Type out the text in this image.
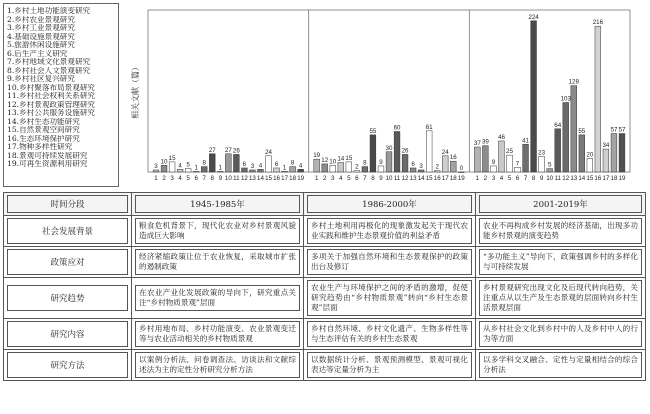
1.乡村土地功能演变研究
2.乡村农业景观研究
3.乡村工业景观研究
4.基础设施景观研究
5.旅游休闲设施研究
6.后生产主义研究
7.乡村地域文化景观研究
8.乡村社会人文景观研究
9.乡村社区复兴研究
10.乡村聚落布局景观研究
11.乡村社会权利关系研究
12.乡村景观政策管理研究
13.乡村公共服务设施研究
14.乡村生态功能研究
15.自然景观空间研究
16.生态环境保护研究
17.物种多样性研究
18.景观可持续发展研究
19.可再生资源利用研究
相关文献（篇）
3
1
10
2
15
3
4
4
5
5
1
6
8
7
27
8
1
9
27
10
26
11
6
12
3
13
4
14
24
15
6
16
1
17
8
18
4
19
19
1
12
2
10
3
14
4
15
5
2
6
8
7
55
8
9
9
30
10
60
11
26
12
6
13
3
14
61
15
2
16
24
17
16
18
0
19
37
1
39
2
9
3
46
4
25
5
7
6
41
7
224
8
23
9
5
10
64
11
103
12
128
13
55
14
20
15
216
16
34
17
57
18
57
19
时间分段	1945-1985年	1986-2000年	2001-2019年

社会发展背景	粮食危机背景下，现代化农业对乡村景观风貌造成巨大影响	乡村土地利用再极化的现象激发起关于现代农业实践和维护生态景观价值的利益矛盾	农业不再构成乡村发展的经济基础，出现多功能乡村景观的演变趋势

政策应对	经济紧缩政策让位于农业恢复，采取城市扩张的遏制政策	多项关于加强自然环境和生态景观保护的政策出台及修订	“多功能主义”导向下，政策强调乡村的多样化与可持续发展

研究趋势	在农业产业化发展政策的导向下，研究重点关注“乡村物质景观”层面	农业生产与环境保护之间的矛盾的激增，促使研究趋势由“乡村物质景观”转向“乡村生态景观”层面	乡村景观研究出现文化及后现代转向趋势，关注重点从以生产及生态景观的层面转向乡村生活景观层面

研究内容	乡村用地布局、乡村功能演变、农业景观变迁等与农业活动相关的乡村物质景观	乡村自然环境、乡村文化遗产、生物多样性等与生态评估有关的乡村生态景观	从乡村社会文化到乡村中的人及乡村中人的行为等方面

研究方法	以案例分析法、问卷调查法、访谈法和文献综述法为主的定性分析研究分析方法	以数据统计分析、景观预测模型、景观可视化表达等定量分析为主	以多学科交叉融合、定性与定量相结合的综合分析法
